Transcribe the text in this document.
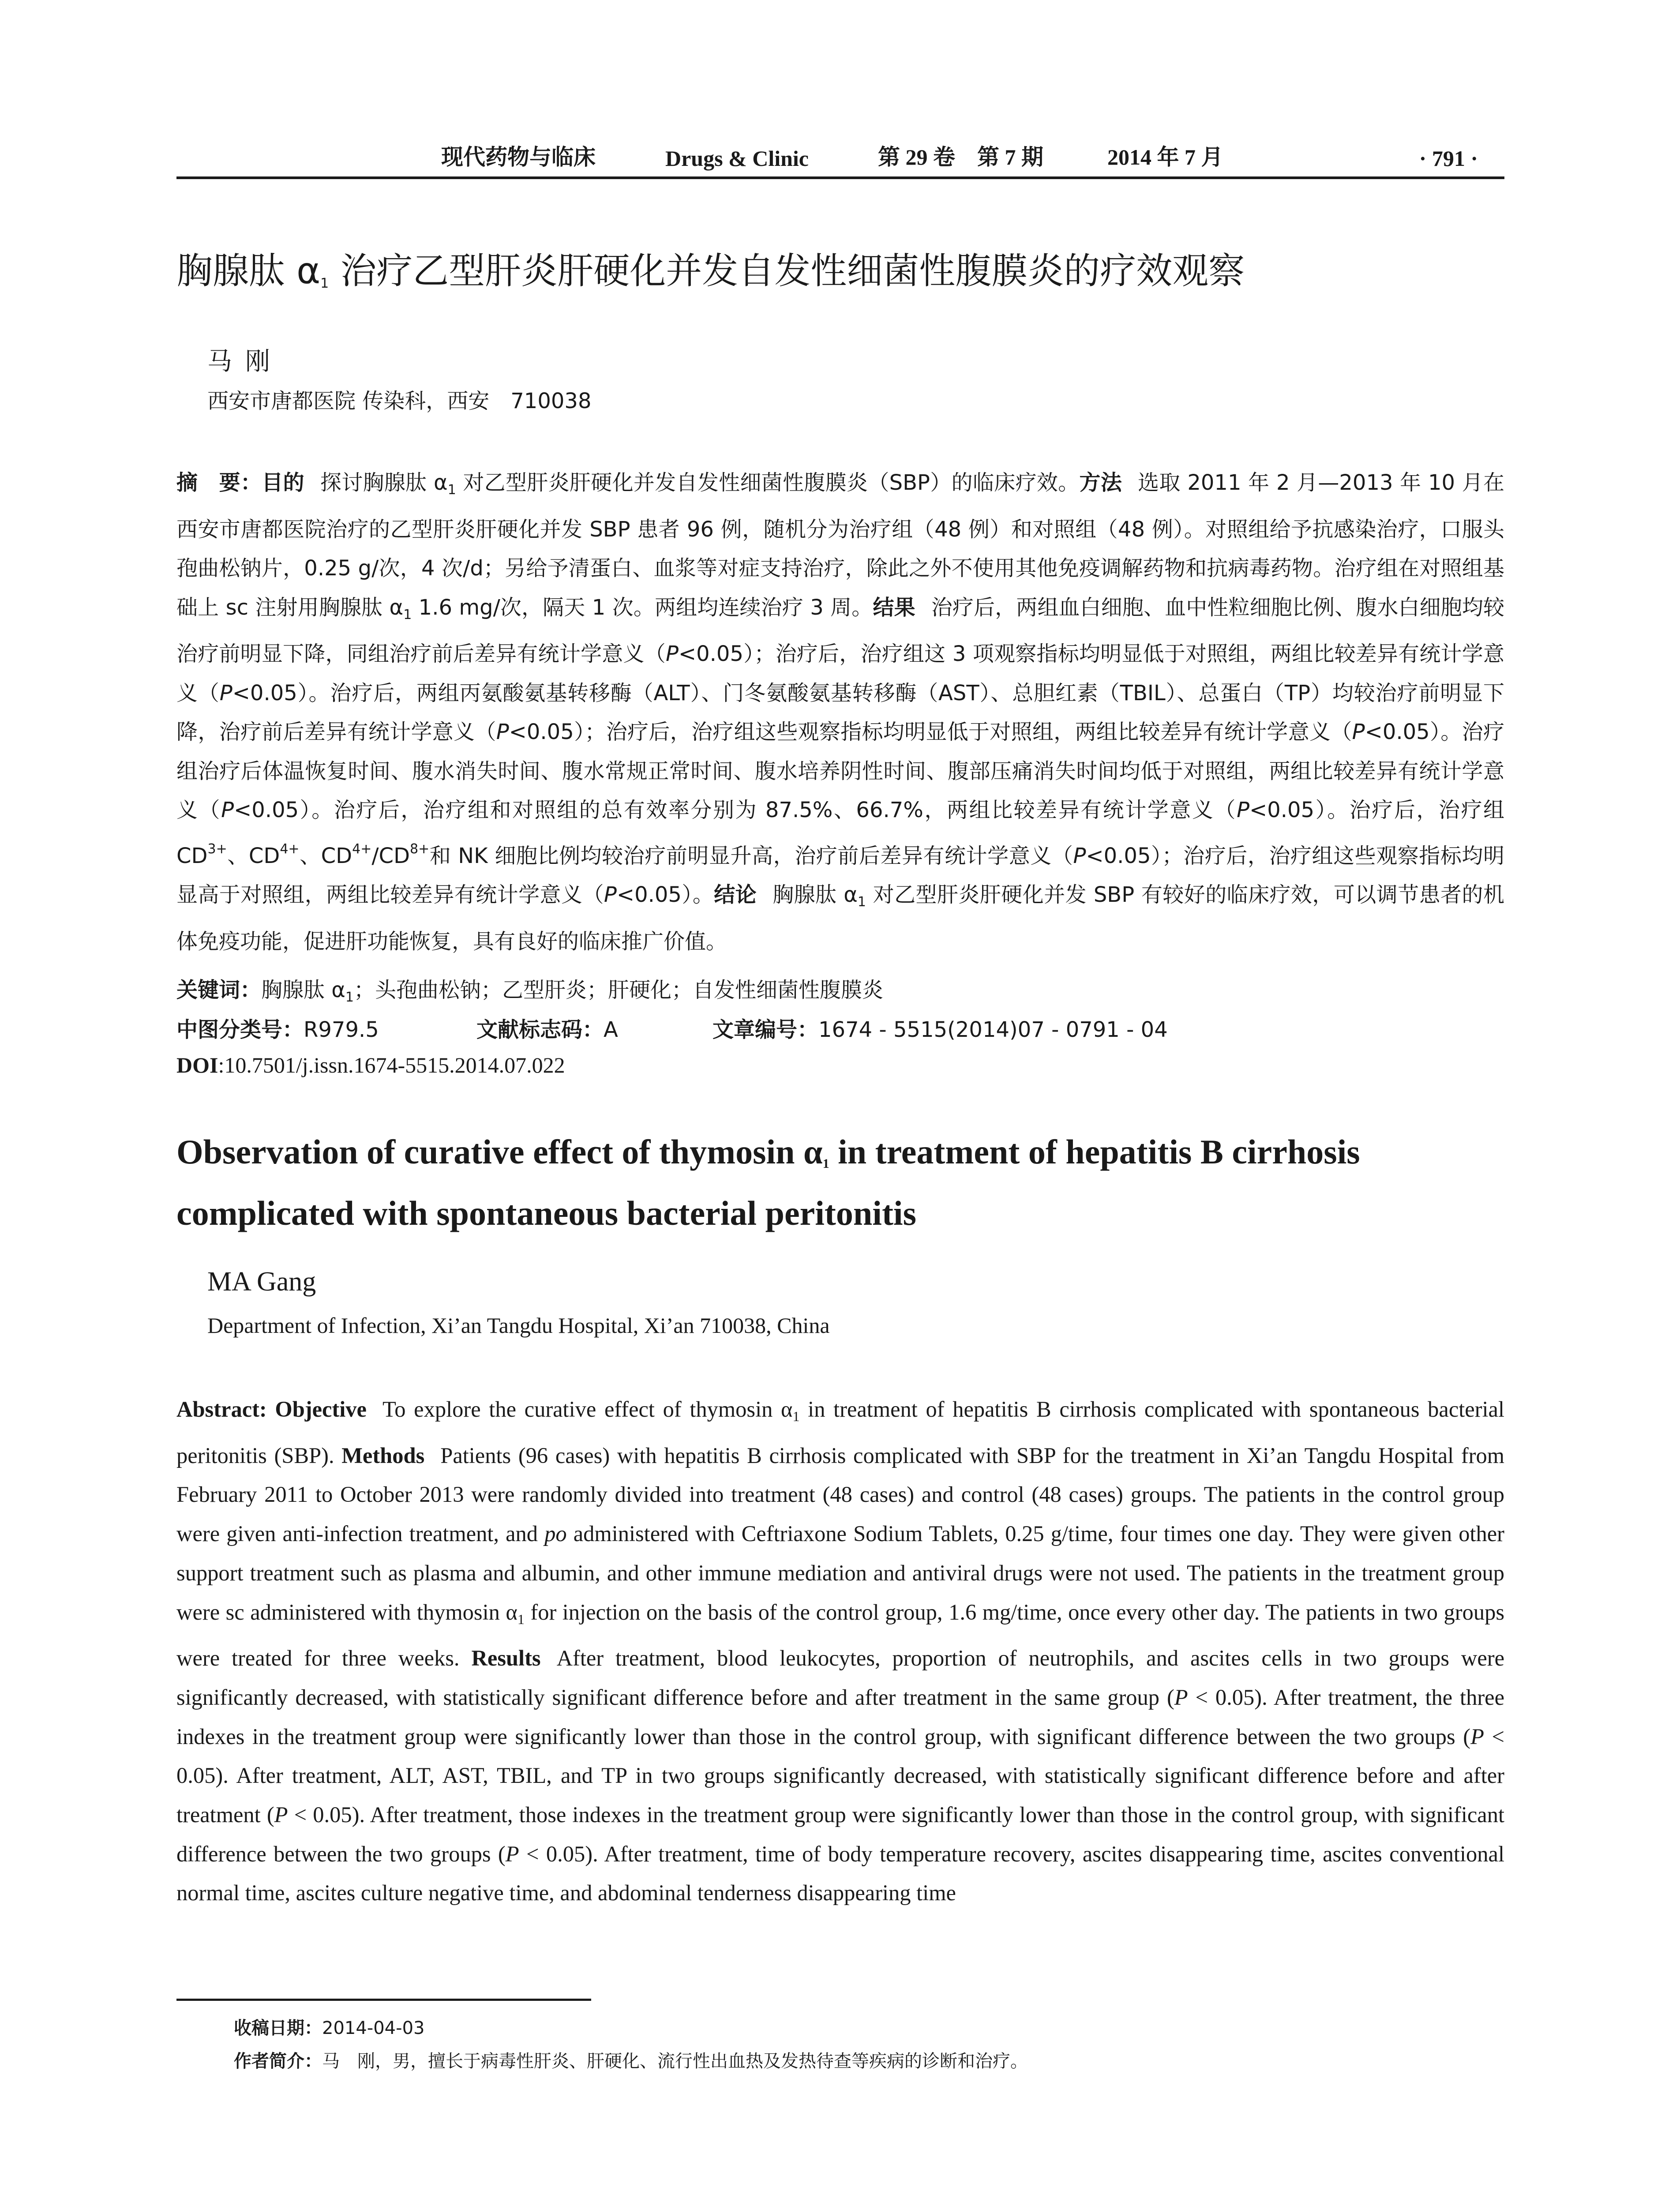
现代药物与临床	Drugs & Clinic	第 29 卷　第 7 期	2014 年 7 月	· 791 ·
胸腺肽 $\alpha_1$ 治疗乙型肝炎肝硬化并发自发性细菌性腹膜炎的疗效观察
马刚
西安市唐都医院 传染科，西安　710038
摘　要：目的 探讨胸腺肽 $\alpha_1$ 对乙型肝炎肝硬化并发自发性细菌性腹膜炎（SBP）的临床疗效。方法 选取 2011 年 2 月—2013 年 10 月在西安市唐都医院治疗的乙型肝炎肝硬化并发 SBP 患者 96 例，随机分为治疗组（48 例）和对照组（48 例）。对照组给予抗感染治疗，口服头孢曲松钠片，0.25 g/次，4 次/d；另给予清蛋白、血浆等对症支持治疗，除此之外不使用其他免疫调解药物和抗病毒药物。治疗组在对照组基础上 sc 注射用胸腺肽 $\alpha_1$ 1.6 mg/次，隔天 1 次。两组均连续治疗 3 周。结果 治疗后，两组血白细胞、血中性粒细胞比例、腹水白细胞均较治疗前明显下降，同组治疗前后差异有统计学意义（P<0.05）；治疗后，治疗组这 3 项观察指标均明显低于对照组，两组比较差异有统计学意义（P<0.05）。治疗后，两组丙氨酸氨基转移酶（ALT）、门冬氨酸氨基转移酶（AST）、总胆红素（TBIL）、总蛋白（TP）均较治疗前明显下降，治疗前后差异有统计学意义（P<0.05）；治疗后，治疗组这些观察指标均明显低于对照组，两组比较差异有统计学意义（P<0.05）。治疗组治疗后体温恢复时间、腹水消失时间、腹水常规正常时间、腹水培养阴性时间、腹部压痛消失时间均低于对照组，两组比较差异有统计学意义（P<0.05）。治疗后，治疗组和对照组的总有效率分别为 87.5%、66.7%，两组比较差异有统计学意义（P<0.05）。治疗后，治疗组 $CD^{3+}$、$CD^{4+}$、$CD^{4+}/CD^{8+}$和 NK 细胞比例均较治疗前明显升高，治疗前后差异有统计学意义（P<0.05）；治疗后，治疗组这些观察指标均明显高于对照组，两组比较差异有统计学意义（P<0.05）。结论 胸腺肽 $\alpha_1$ 对乙型肝炎肝硬化并发 SBP 有较好的临床疗效，可以调节患者的机体免疫功能，促进肝功能恢复，具有良好的临床推广价值。
关键词：胸腺肽 $\alpha_1$；头孢曲松钠；乙型肝炎；肝硬化；自发性细菌性腹膜炎
中图分类号：R979.5	文献标志码：A	文章编号：1674 - 5515(2014)07 - 0791 - 04
DOI:10.7501/j.issn.1674-5515.2014.07.022
Observation of curative effect of thymosin $\alpha_1$ in treatment of hepatitis B cirrhosis complicated with spontaneous bacterial peritonitis
MA Gang
Department of Infection, Xi’an Tangdu Hospital, Xi’an 710038, China
Abstract: Objective To explore the curative effect of thymosin $\alpha_1$ in treatment of hepatitis B cirrhosis complicated with spontaneous bacterial peritonitis (SBP). Methods Patients (96 cases) with hepatitis B cirrhosis complicated with SBP for the treatment in Xi’an Tangdu Hospital from February 2011 to October 2013 were randomly divided into treatment (48 cases) and control (48 cases) groups. The patients in the control group were given anti-infection treatment, and po administered with Ceftriaxone Sodium Tablets, 0.25 g/time, four times one day. They were given other support treatment such as plasma and albumin, and other immune mediation and antiviral drugs were not used. The patients in the treatment group were sc administered with thymosin $\alpha_1$ for injection on the basis of the control group, 1.6 mg/time, once every other day. The patients in two groups were treated for three weeks. Results After treatment, blood leukocytes, proportion of neutrophils, and ascites cells in two groups were significantly decreased, with statistically significant difference before and after treatment in the same group (P < 0.05). After treatment, the three indexes in the treatment group were significantly lower than those in the control group, with significant difference between the two groups (P < 0.05). After treatment, ALT, AST, TBIL, and TP in two groups significantly decreased, with statistically significant difference before and after treatment (P < 0.05). After treatment, those indexes in the treatment group were significantly lower than those in the control group, with significant difference between the two groups (P < 0.05). After treatment, time of body temperature recovery, ascites disappearing time, ascites conventional normal time, ascites culture negative time, and abdominal tenderness disappearing time
收稿日期：2014-04-03
作者简介：马　刚，男，擅长于病毒性肝炎、肝硬化、流行性出血热及发热待查等疾病的诊断和治疗。
